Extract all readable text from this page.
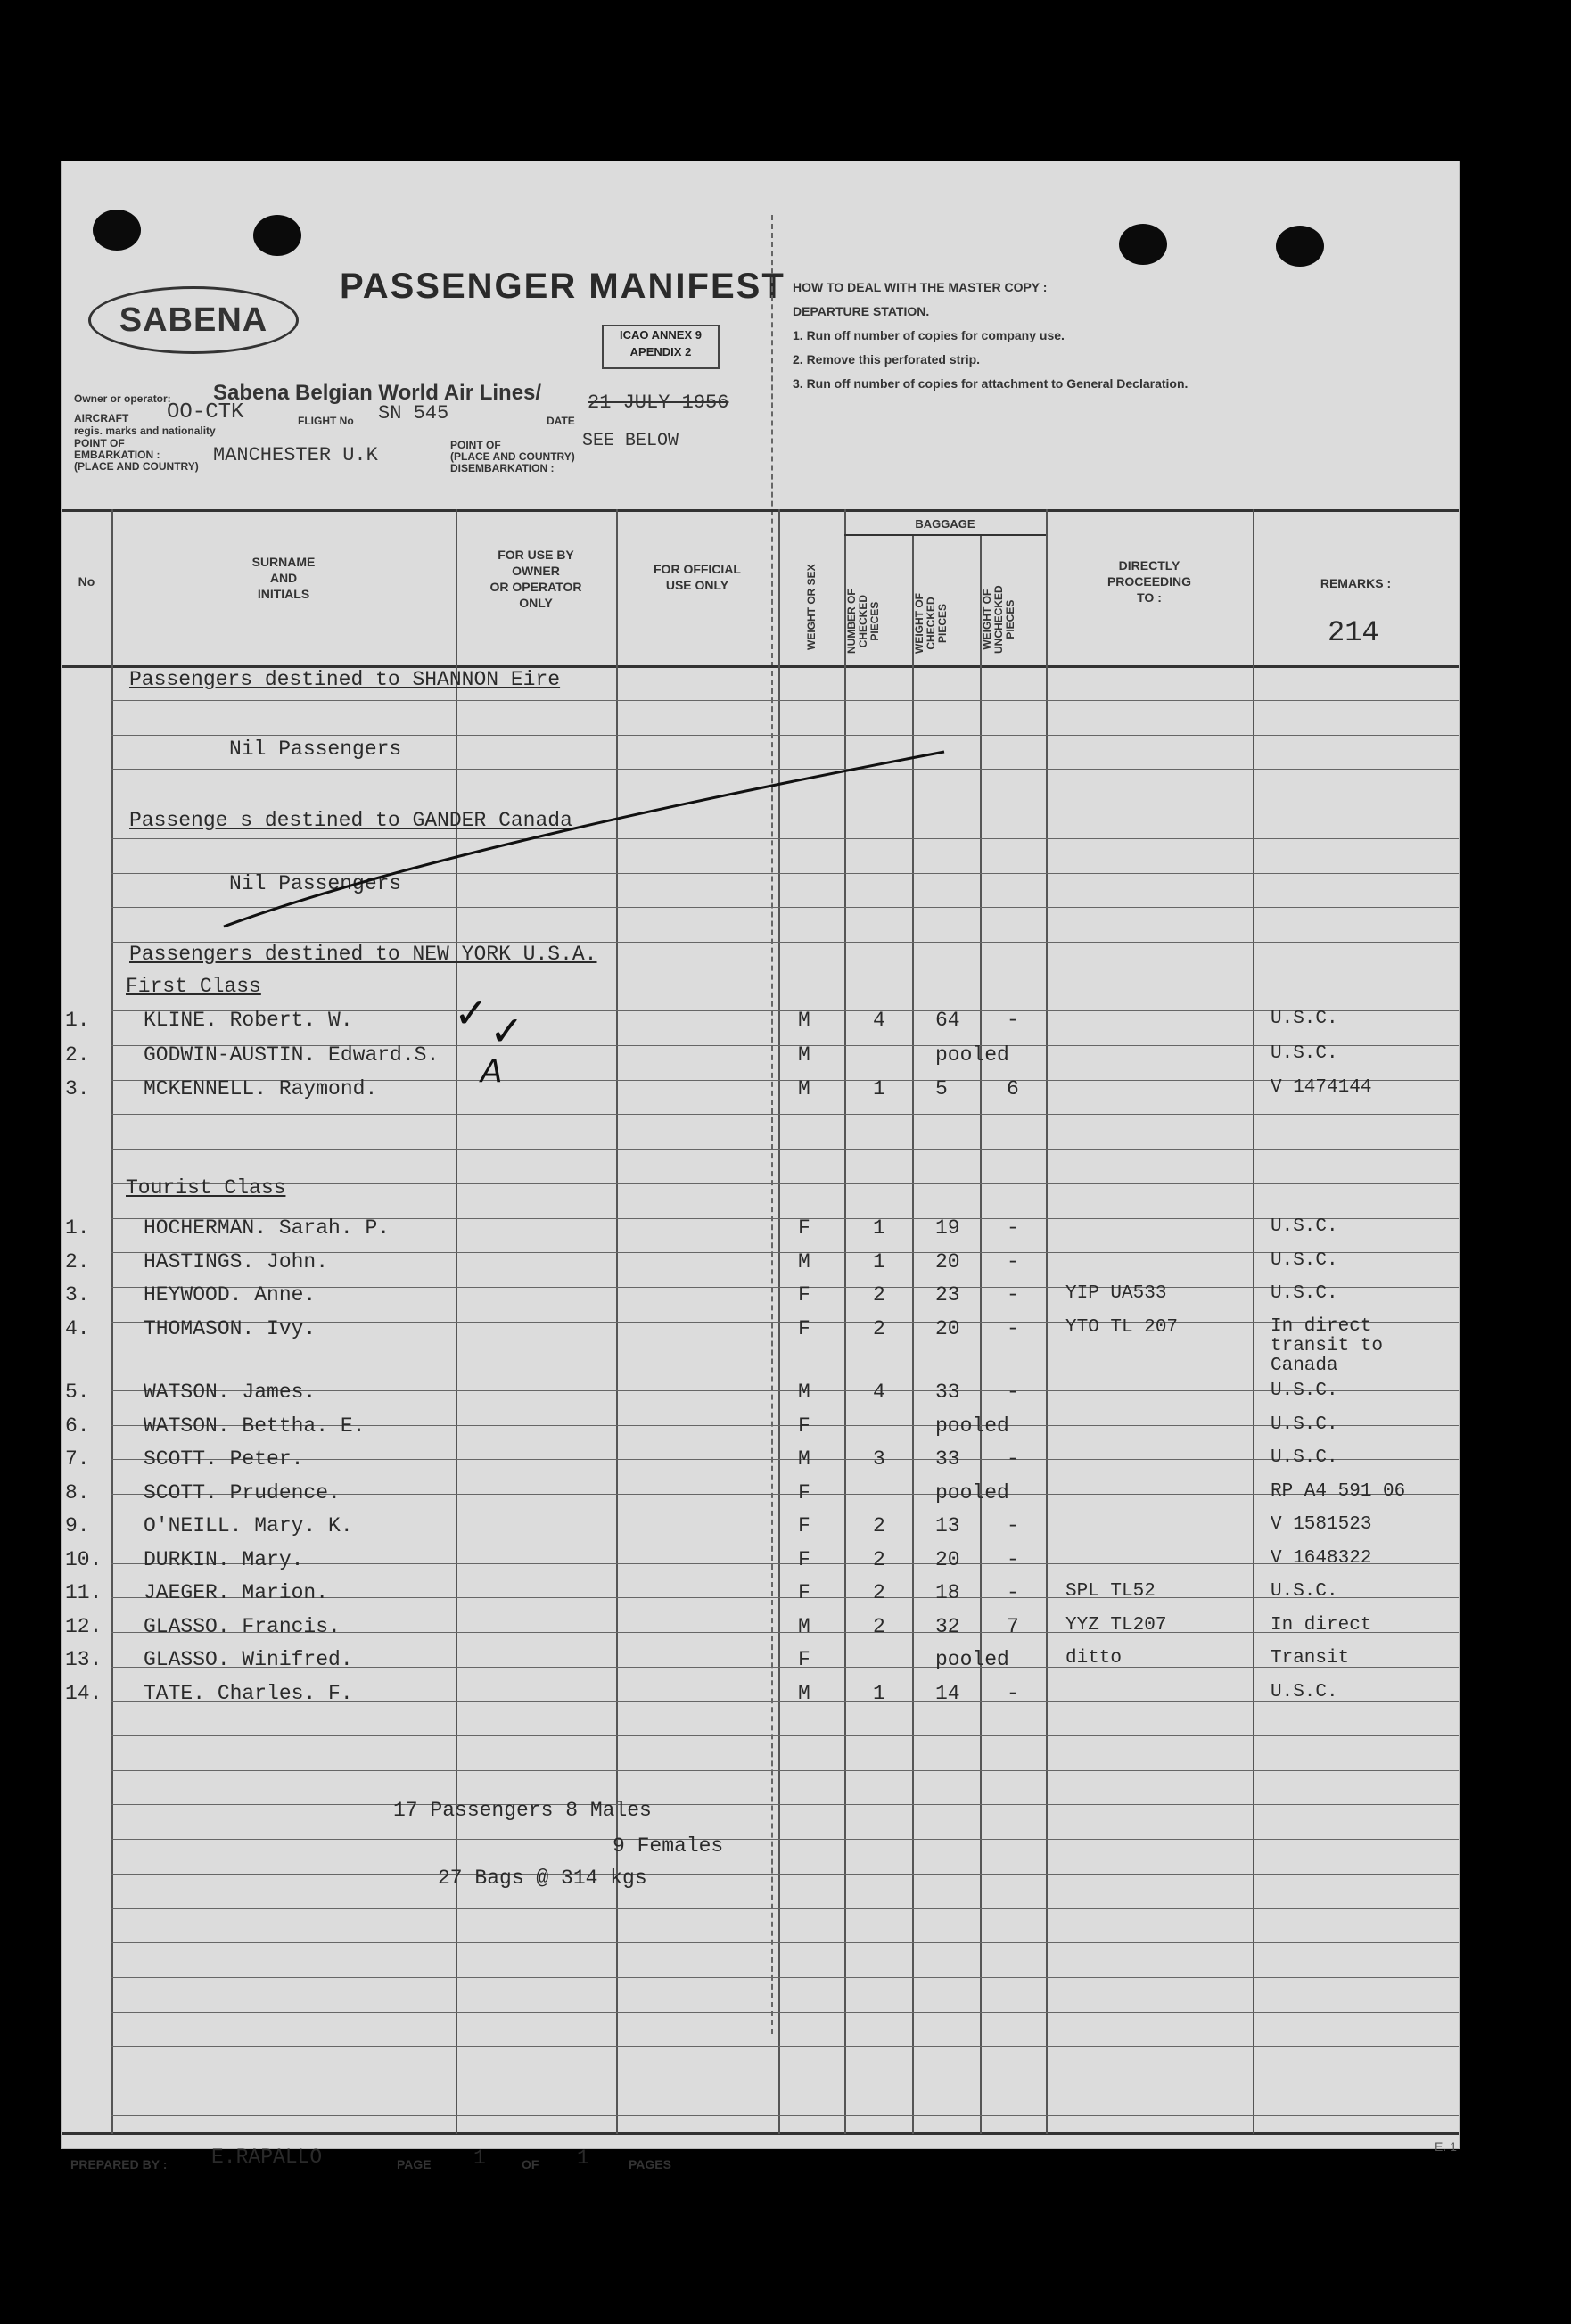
SABENA
PASSENGER MANIFEST
ICAO ANNEX 9
APENDIX 2
HOW TO DEAL WITH THE MASTER COPY :
DEPARTURE STATION.
1. Run off number of copies for company use.
2. Remove this perforated strip.
3. Run off number of copies for attachment to General Declaration.
Owner or operator: Sabena Belgian World Air Lines/
AIRCRAFT OO-CTK	FLIGHT No SN 545	DATE
21 JULY 1956
regis. marks and nationality
POINT OF
EMBARKATION :
(PLACE AND COUNTRY) MANCHESTER U.K	POINT OF
(PLACE AND COUNTRY)
DISEMBARKATION :
SEE BELOW
No
SURNAME
AND
INITIALS
FOR USE BY
OWNER
OR OPERATOR
ONLY
FOR OFFICIAL
USE ONLY	WEIGHT OR SEX
BAGGAGE
NUMBER OF CHECKED PIECES	WEIGHT OF CHECKED PIECES	WEIGHT OF UNCHECKED PIECES
DIRECTLY
PROCEEDING
TO :
REMARKS :
214
Passengers destined to SHANNON Eire
Nil Passengers
Passenge s destined to GANDER Canada
Nil Passengers
Passengers destined to NEW YORK U.S.A.
First Class
Tourist Class
1.	KLINE. Robert. W.	M	4 64 -	U.S.C.
2.	GODWIN-AUSTIN. Edward.S.	M	pooled	U.S.C.
3.	MCKENNELL. Raymond.	M	1 5	6	V 1474144
1.	HOCHERMAN. Sarah. P.	F	1 19 -	U.S.C.
2.	HASTINGS. John.	M	1 20 -	U.S.C.
3.	HEYWOOD. Anne.	F	2 23 - YIP UA533	U.S.C.
4.	THOMASON. Ivy.	F	2 20 - YTO TL 207	In direct transit to Canada
5.	WATSON. James.	M	4 33 -	U.S.C.
6.	WATSON. Bettha. E.	F	pooled	U.S.C.
7.	SCOTT. Peter.	M	3 33 -	U.S.C.
8.	SCOTT. Prudence.	F	pooled	RP A4 591 06
9.	O'NEILL. Mary. K.	F	2 13 -	V 1581523
10. DURKIN. Mary.	F	2 20 -	V 1648322
11. JAEGER. Marion.	F	2 18 - SPL TL52	U.S.C.
12. GLASSO. Francis.	M	2 32 7 YYZ TL207	In direct
13. GLASSO. Winifred.	F	pooled	ditto	Transit
14. TATE. Charles. F.	M	1 14 -	U.S.C.
✓ ✓
A
17 Passengers 8 Males
9 Females
27 Bags @ 314 kgs
PREPARED BY : E.RAPALLO	PAGE 1	OF 1	PAGES
E. 1
